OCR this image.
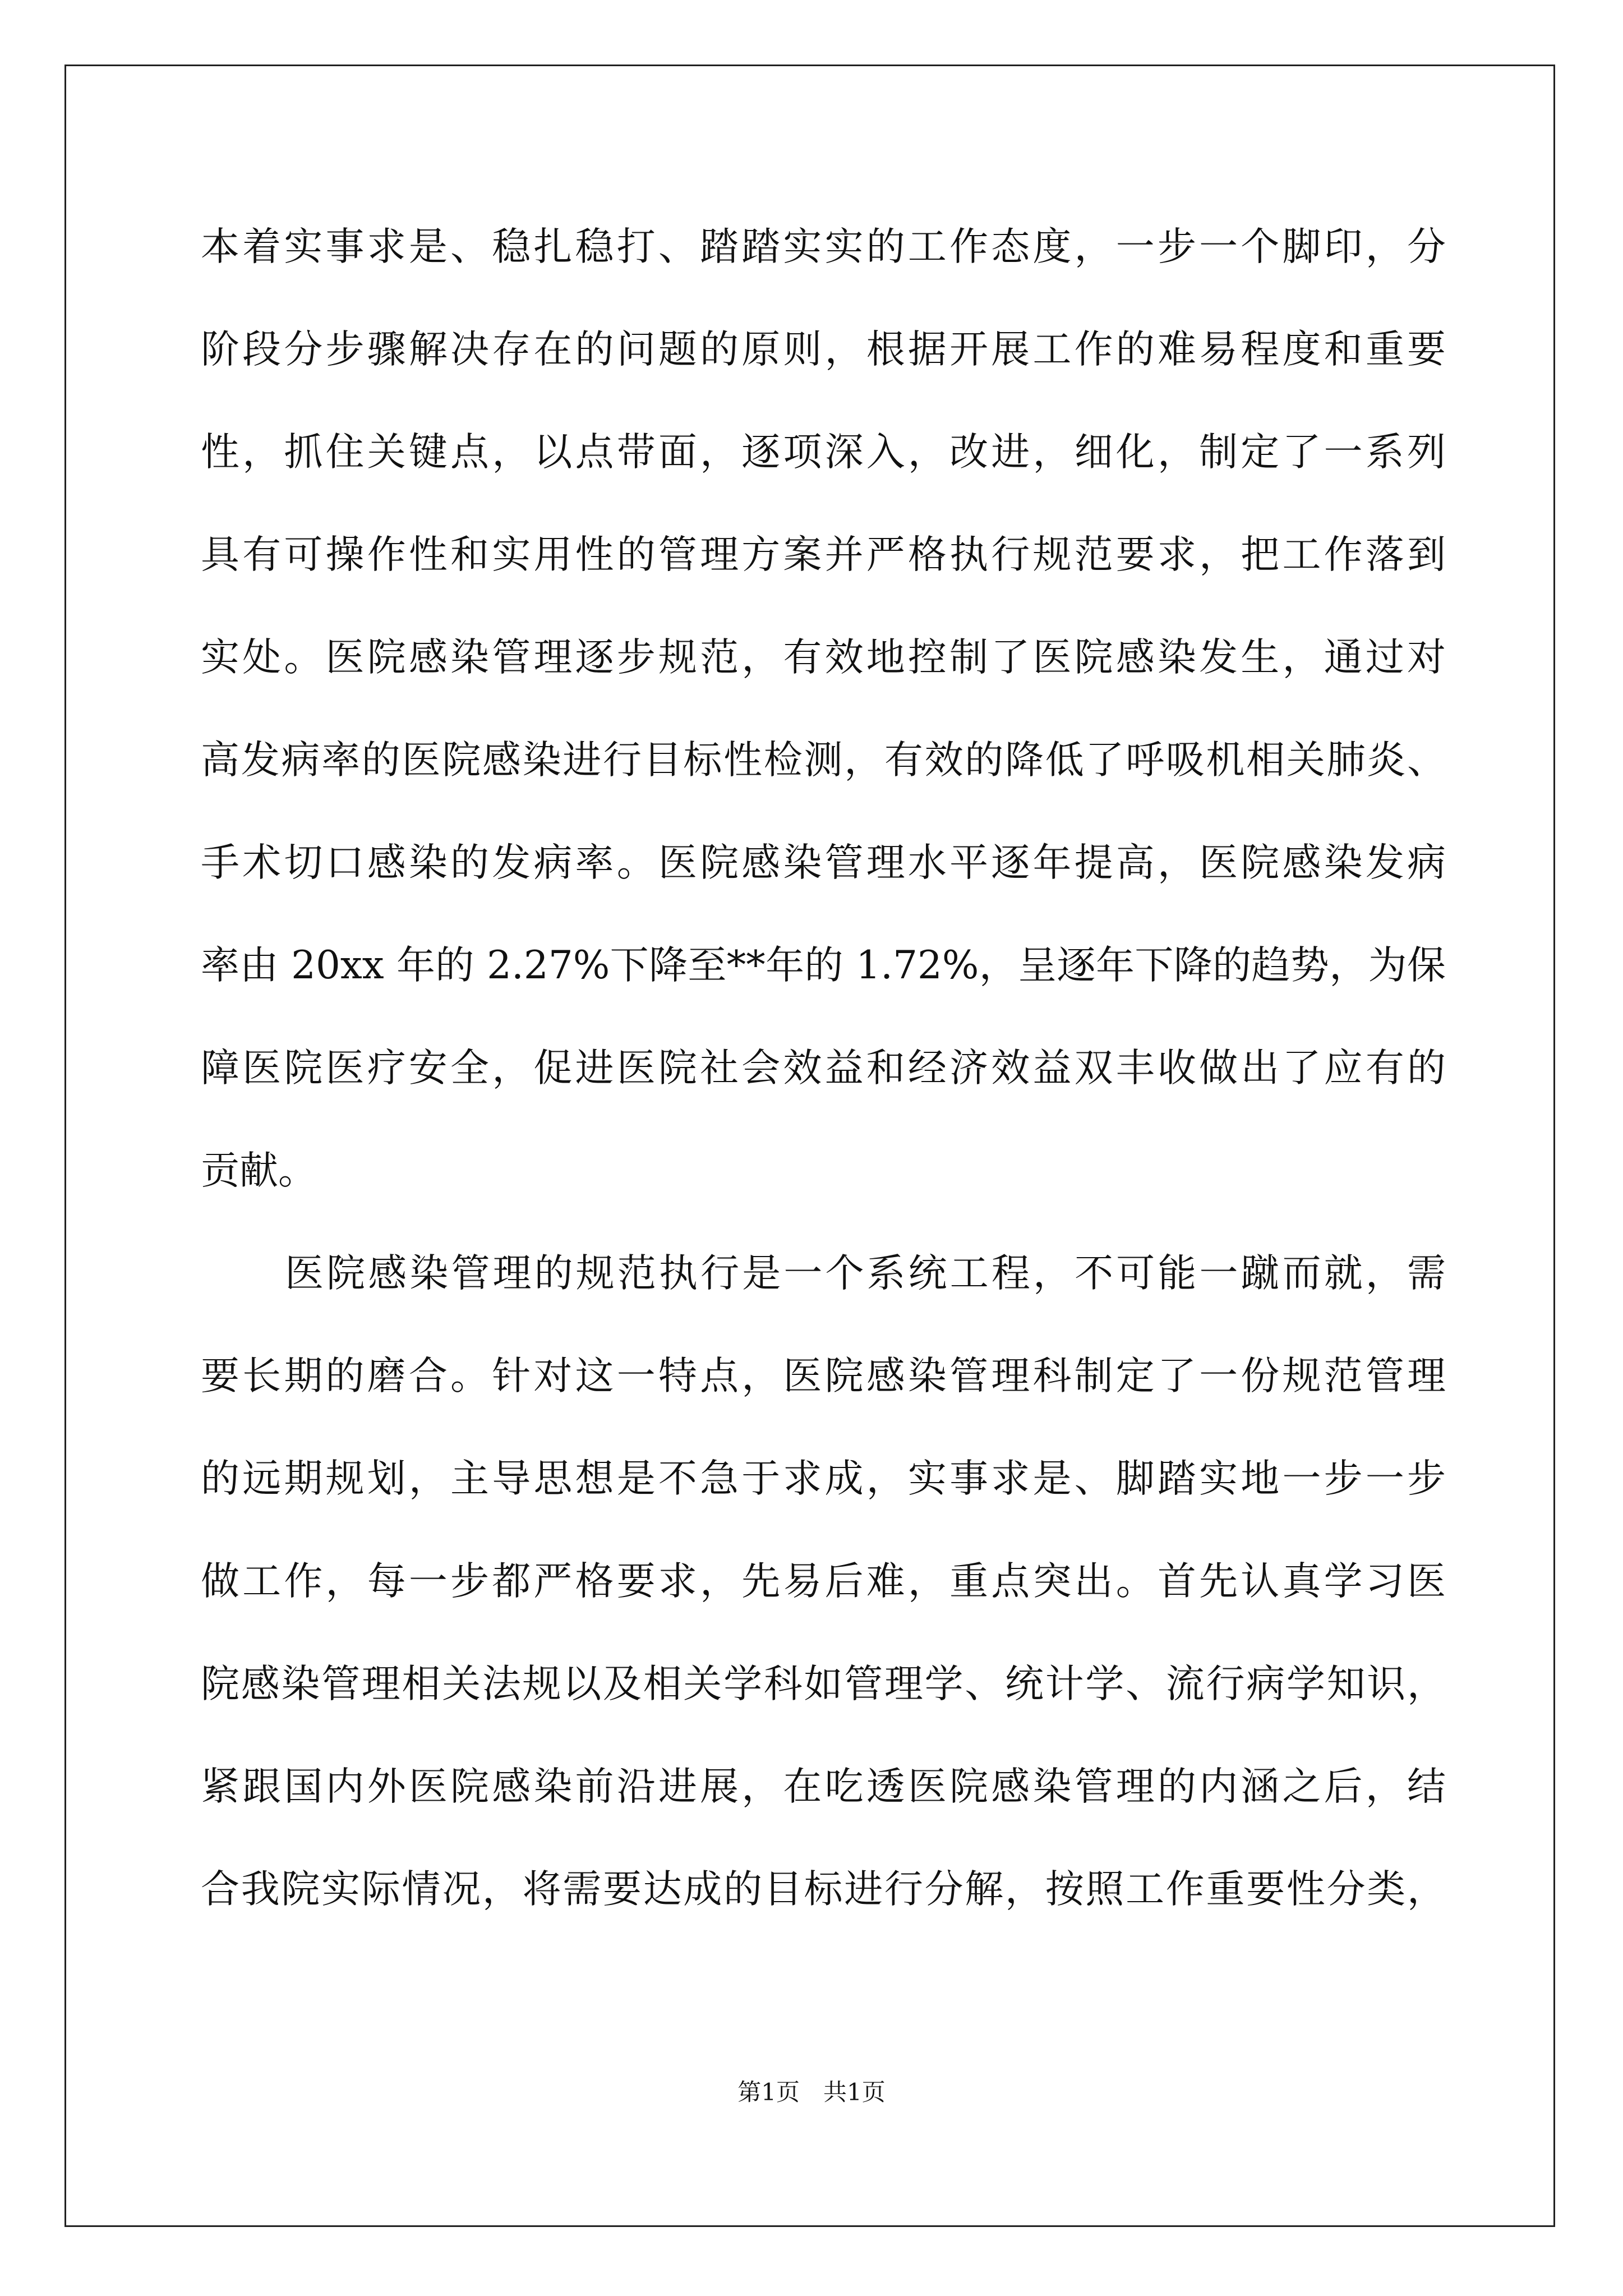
本着实事求是、稳扎稳打、踏踏实实的工作态度，一步一个脚印，分
阶段分步骤解决存在的问题的原则，根据开展工作的难易程度和重要
性，抓住关键点，以点带面，逐项深入，改进，细化，制定了一系列
具有可操作性和实用性的管理方案并严格执行规范要求，把工作落到
实处。医院感染管理逐步规范，有效地控制了医院感染发生，通过对
高发病率的医院感染进行目标性检测，有效的降低了呼吸机相关肺炎、
手术切口感染的发病率。医院感染管理水平逐年提高，医院感染发病
率由 20xx 年的 2.27%下降至**年的 1.72%，呈逐年下降的趋势，为保
障医院医疗安全，促进医院社会效益和经济效益双丰收做出了应有的
贡献。
医院感染管理的规范执行是一个系统工程，不可能一蹴而就，需
要长期的磨合。针对这一特点，医院感染管理科制定了一份规范管理
的远期规划，主导思想是不急于求成，实事求是、脚踏实地一步一步
做工作，每一步都严格要求，先易后难，重点突出。首先认真学习医
院感染管理相关法规以及相关学科如管理学、统计学、流行病学知识，
紧跟国内外医院感染前沿进展，在吃透医院感染管理的内涵之后，结
合我院实际情况，将需要达成的目标进行分解，按照工作重要性分类，
第1页　共1页
